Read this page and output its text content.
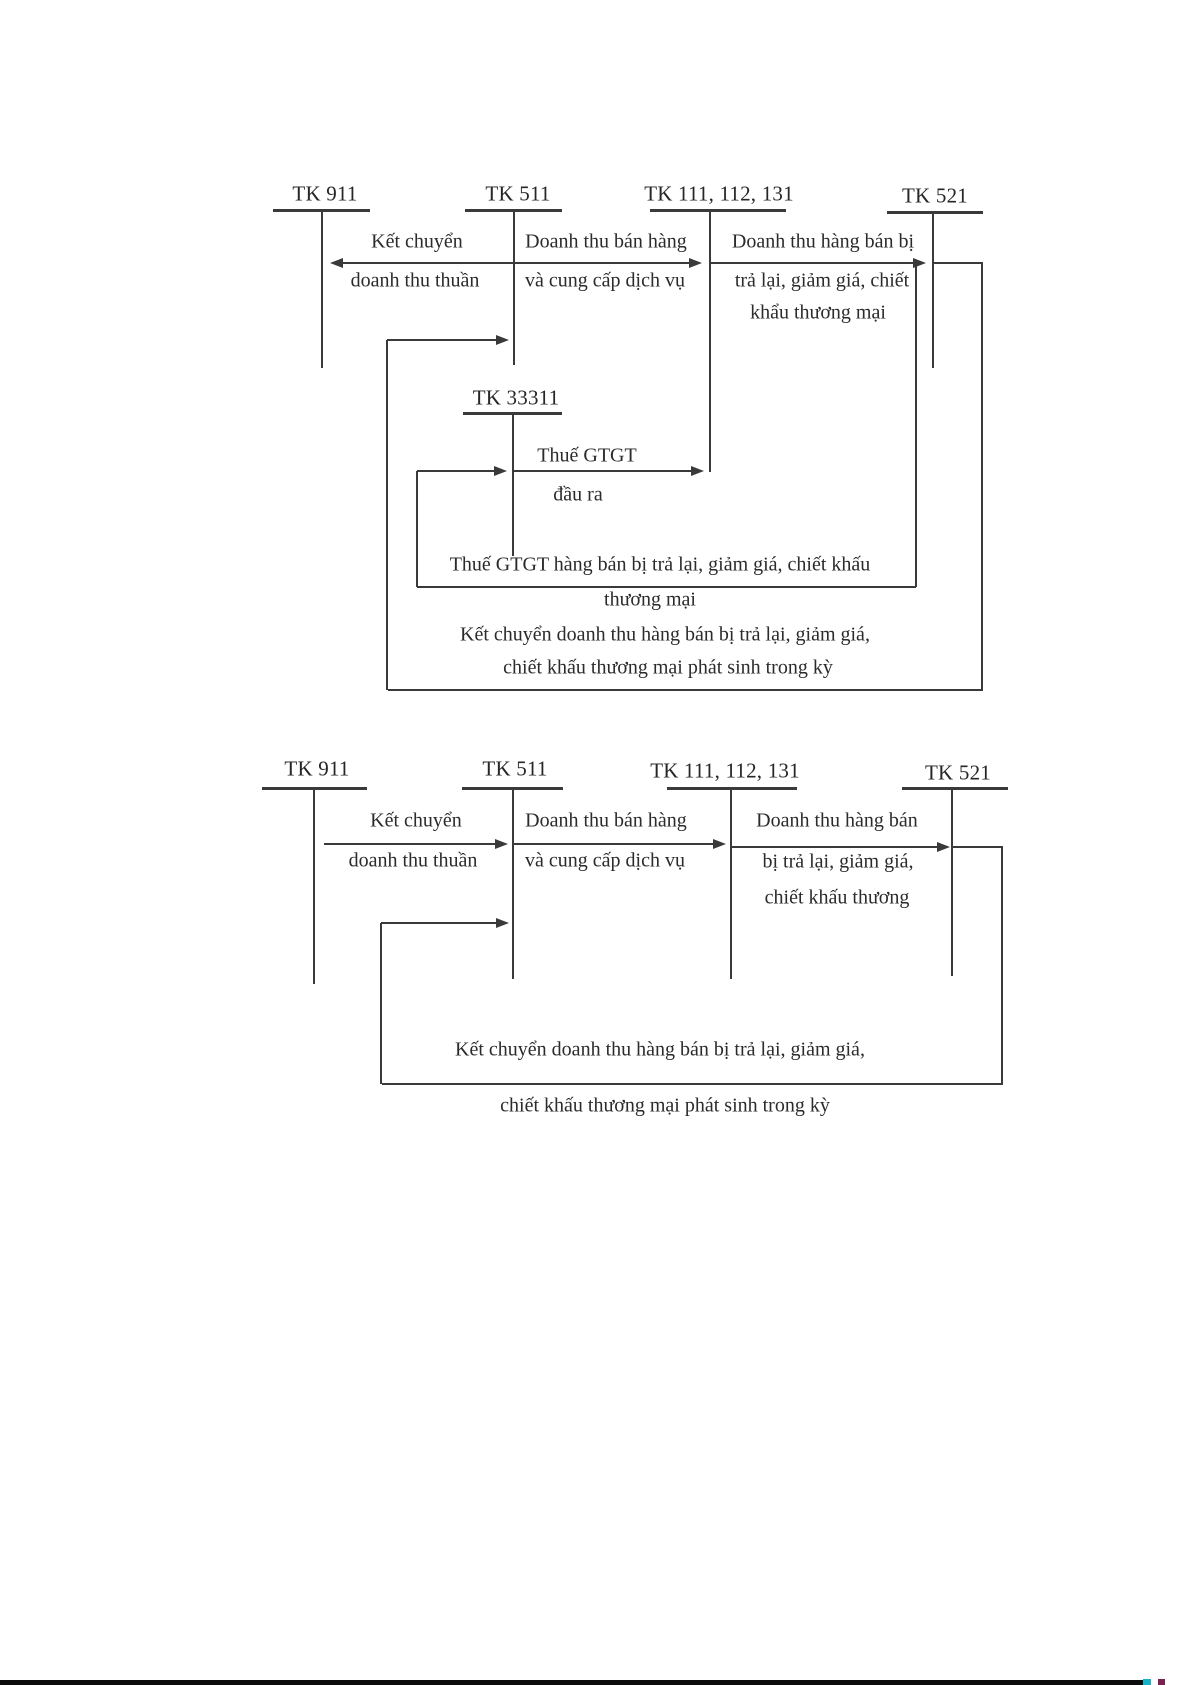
TK 911	TK 511	TK 111, 112, 131	TK 521
TK 33311
Kết chuyển
doanh thu thuần
Doanh thu bán hàng
và cung cấp dịch vụ
Doanh thu hàng bán bị
trả lại, giảm giá, chiết
khẩu thương mại
Thuế GTGT
đầu ra
Thuế GTGT hàng bán bị trả lại, giảm giá, chiết khấu
thương mại
Kết chuyển doanh thu hàng bán bị trả lại, giảm giá,
chiết khấu thương mại phát sinh trong kỳ
TK 911	TK 511	TK 111, 112, 131	TK 521
Kết chuyển
doanh thu thuần
Doanh thu bán hàng
và cung cấp dịch vụ
Doanh thu hàng bán
bị trả lại, giảm giá,
chiết khấu thương
Kết chuyển doanh thu hàng bán bị trả lại, giảm giá,
chiết khấu thương mại phát sinh trong kỳ
